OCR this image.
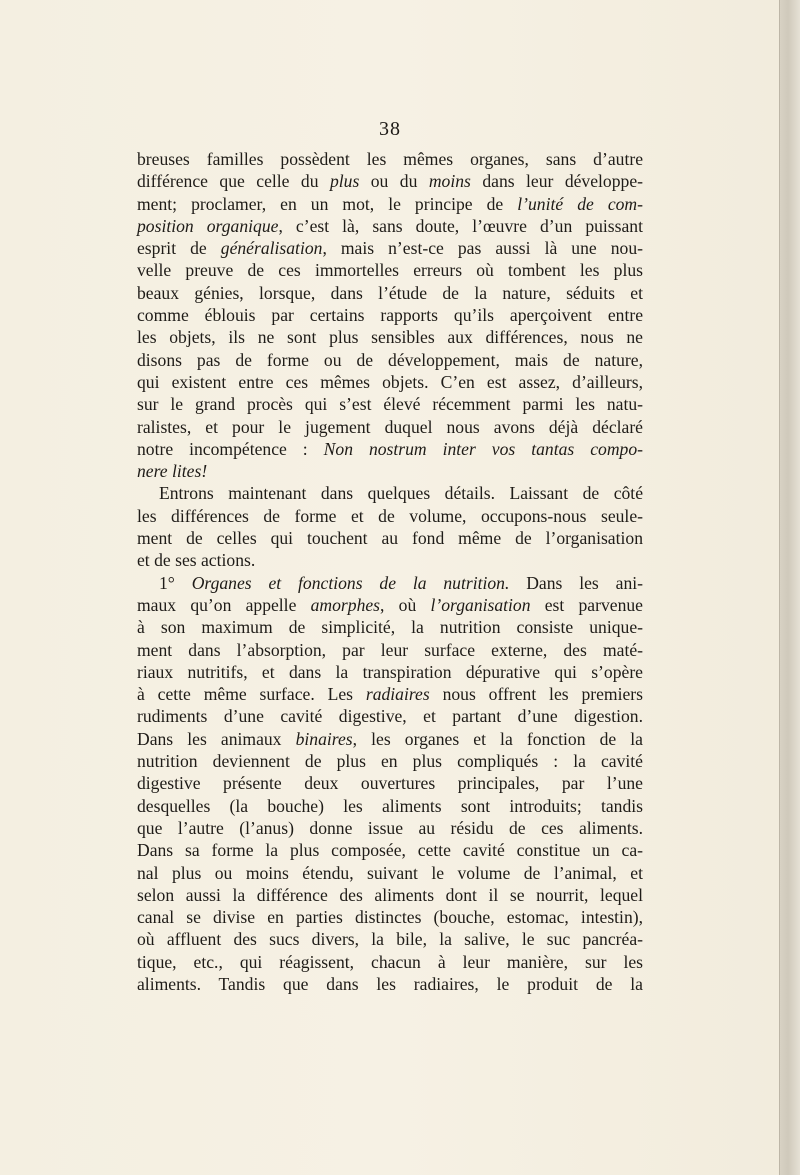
38
breuses familles possèdent les mêmes organes, sans d’autre
différence que celle du plus ou du moins dans leur développe-
ment; proclamer, en un mot, le principe de l’unité de com-
position organique, c’est là, sans doute, l’œuvre d’un puissant
esprit de généralisation, mais n’est-ce pas aussi là une nou-
velle preuve de ces immortelles erreurs où tombent les plus
beaux génies, lorsque, dans l’étude de la nature, séduits et
comme éblouis par certains rapports qu’ils aperçoivent entre
les objets, ils ne sont plus sensibles aux différences, nous ne
disons pas de forme ou de développement, mais de nature,
qui existent entre ces mêmes objets. C’en est assez, d’ailleurs,
sur le grand procès qui s’est élevé récemment parmi les natu-
ralistes, et pour le jugement duquel nous avons déjà déclaré
notre incompétence : Non nostrum inter vos tantas compo-
nere lites!
Entrons maintenant dans quelques détails. Laissant de côté
les différences de forme et de volume, occupons-nous seule-
ment de celles qui touchent au fond même de l’organisation
et de ses actions.
1° Organes et fonctions de la nutrition. Dans les ani-
maux qu’on appelle amorphes, où l’organisation est parvenue
à son maximum de simplicité, la nutrition consiste unique-
ment dans l’absorption, par leur surface externe, des maté-
riaux nutritifs, et dans la transpiration dépurative qui s’opère
à cette même surface. Les radiaires nous offrent les premiers
rudiments d’une cavité digestive, et partant d’une digestion.
Dans les animaux binaires, les organes et la fonction de la
nutrition deviennent de plus en plus compliqués : la cavité
digestive présente deux ouvertures principales, par l’une
desquelles (la bouche) les aliments sont introduits; tandis
que l’autre (l’anus) donne issue au résidu de ces aliments.
Dans sa forme la plus composée, cette cavité constitue un ca-
nal plus ou moins étendu, suivant le volume de l’animal, et
selon aussi la différence des aliments dont il se nourrit, lequel
canal se divise en parties distinctes (bouche, estomac, intestin),
où affluent des sucs divers, la bile, la salive, le suc pancréa-
tique, etc., qui réagissent, chacun à leur manière, sur les
aliments. Tandis que dans les radiaires, le produit de la
